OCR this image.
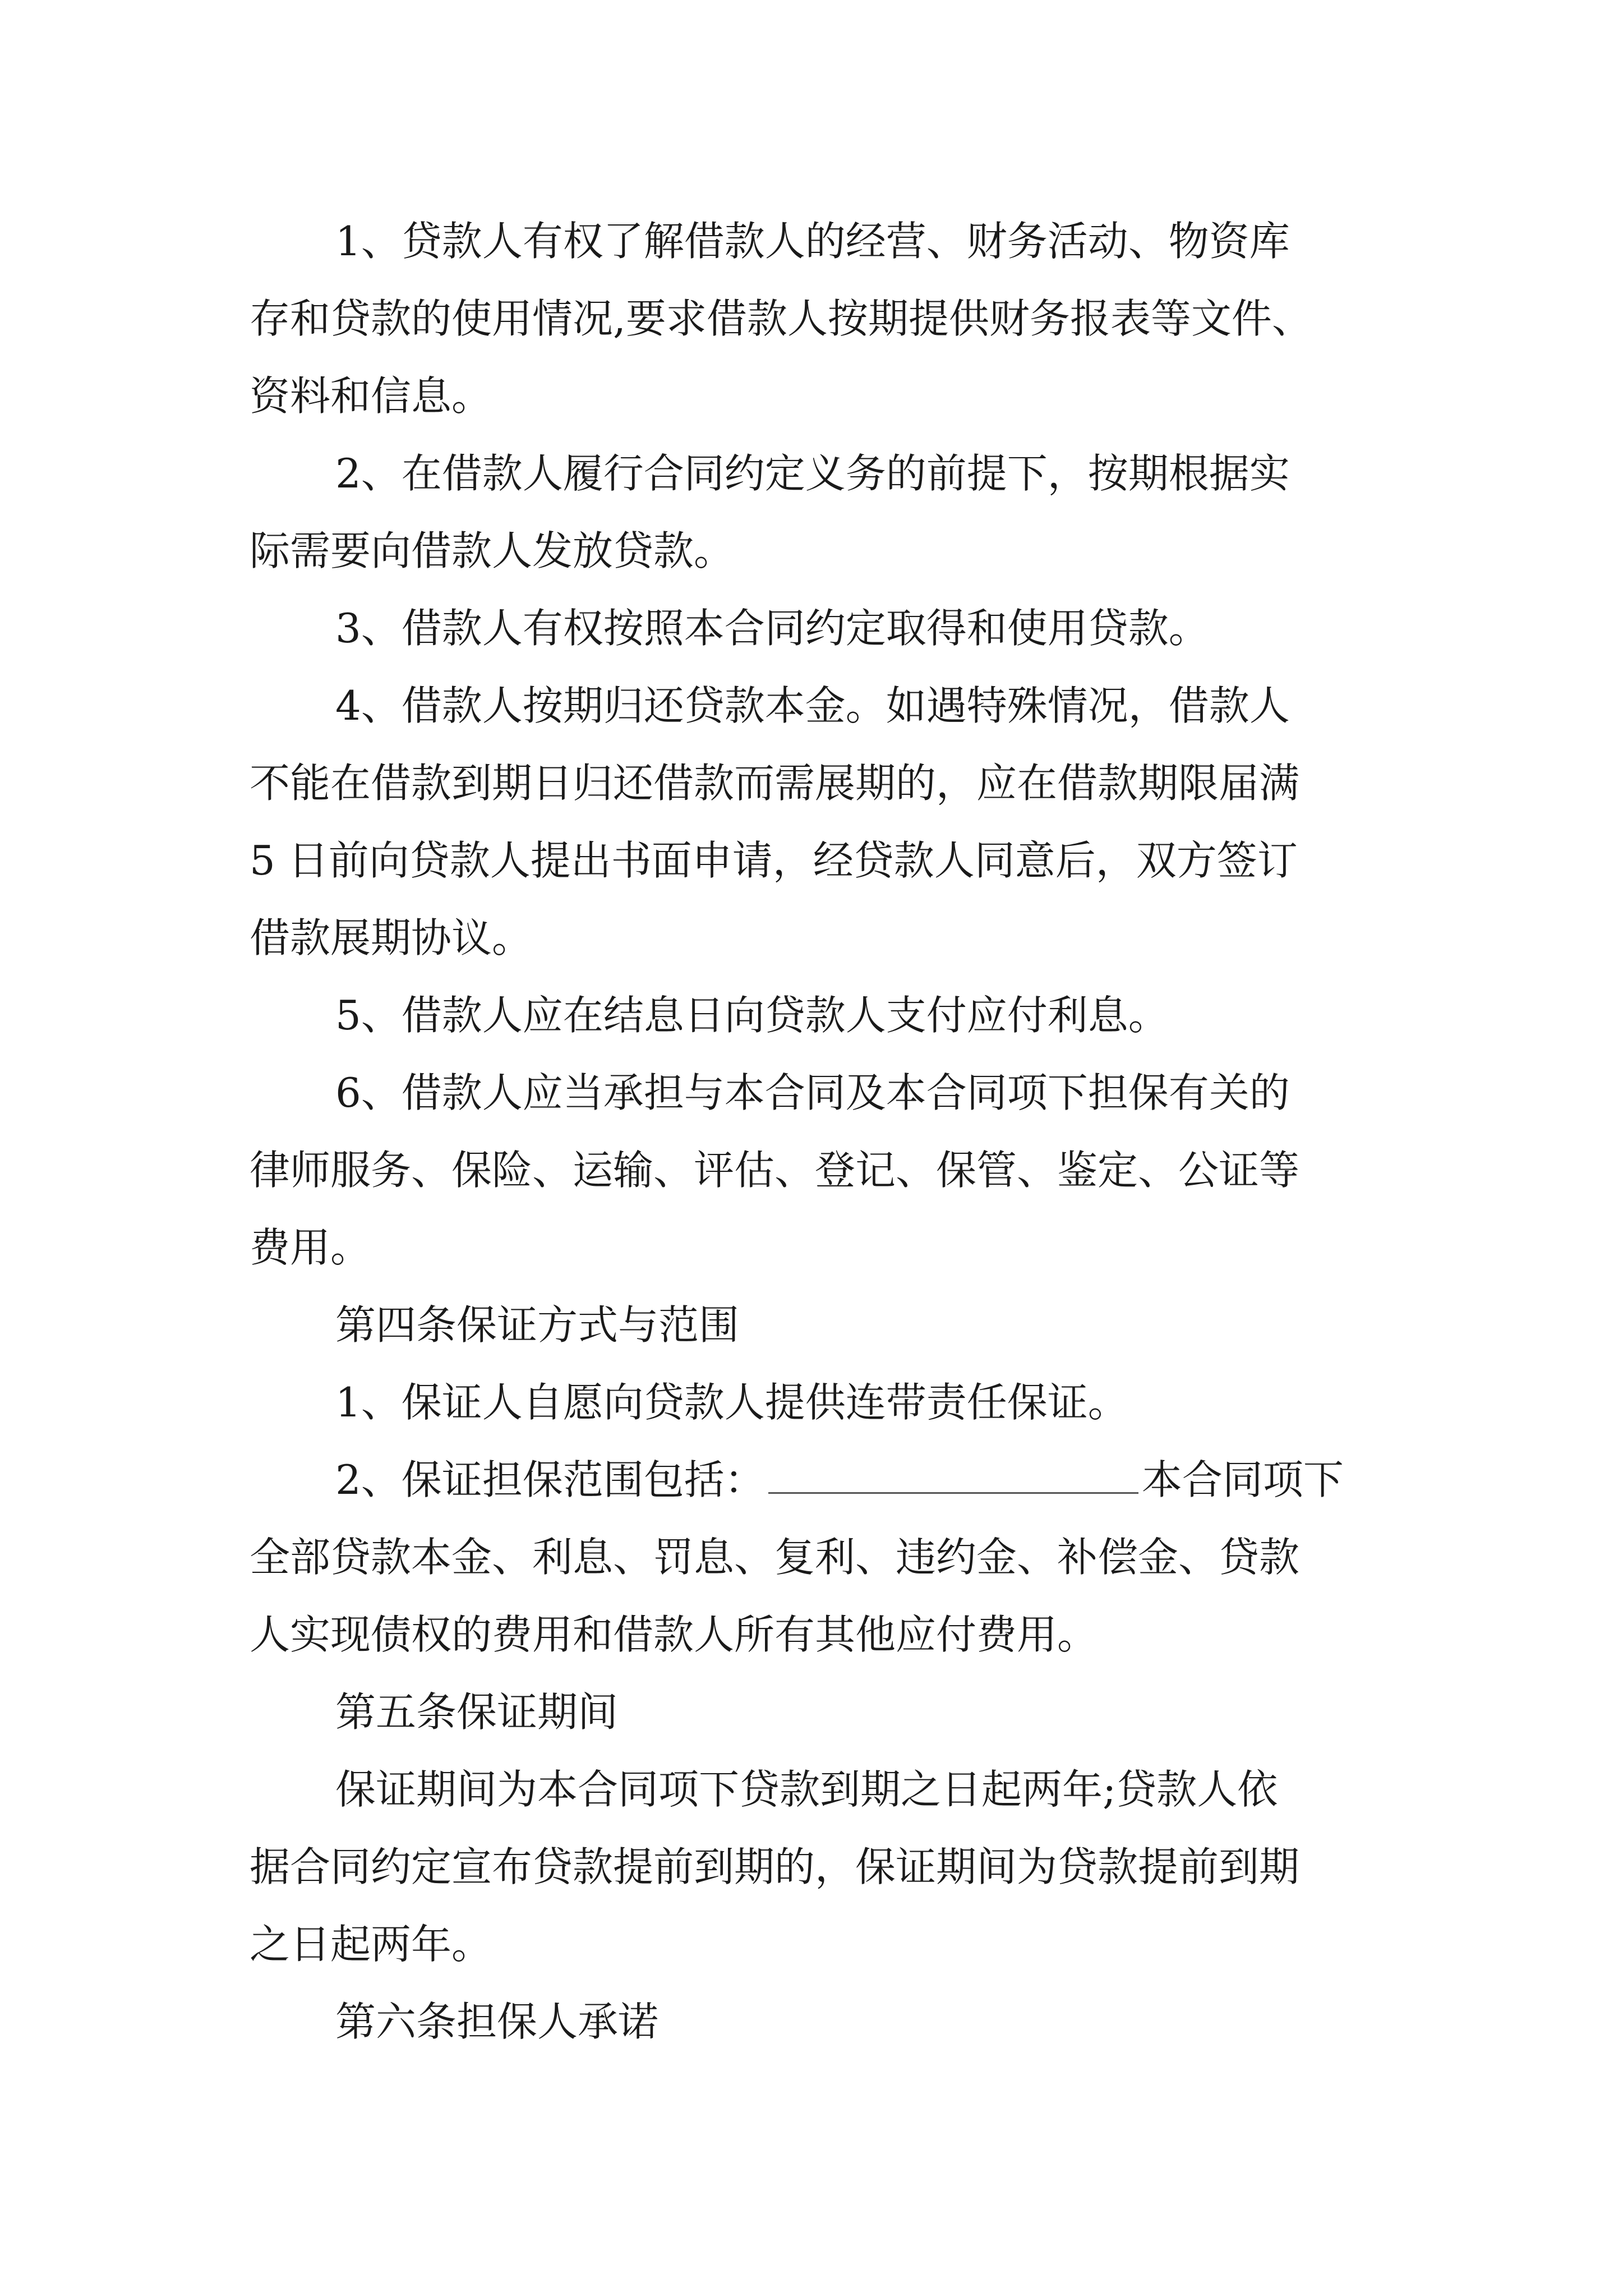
1、贷款人有权了解借款人的经营、财务活动、物资库
存和贷款的使用情况,要求借款人按期提供财务报表等文件、
资料和信息。
2、在借款人履行合同约定义务的前提下，按期根据实
际需要向借款人发放贷款。
3、借款人有权按照本合同约定取得和使用贷款。
4、借款人按期归还贷款本金。如遇特殊情况，借款人
不能在借款到期日归还借款而需展期的，应在借款期限届满
5 日前向贷款人提出书面申请，经贷款人同意后，双方签订
借款展期协议。
5、借款人应在结息日向贷款人支付应付利息。
6、借款人应当承担与本合同及本合同项下担保有关的
律师服务、保险、运输、评估、登记、保管、鉴定、公证等
费用。
第四条保证方式与范围
1、保证人自愿向贷款人提供连带责任保证。
2、保证担保范围包括：	本合同项下
全部贷款本金、利息、罚息、复利、违约金、补偿金、贷款
人实现债权的费用和借款人所有其他应付费用。
第五条保证期间
保证期间为本合同项下贷款到期之日起两年;贷款人依
据合同约定宣布贷款提前到期的，保证期间为贷款提前到期
之日起两年。
第六条担保人承诺
